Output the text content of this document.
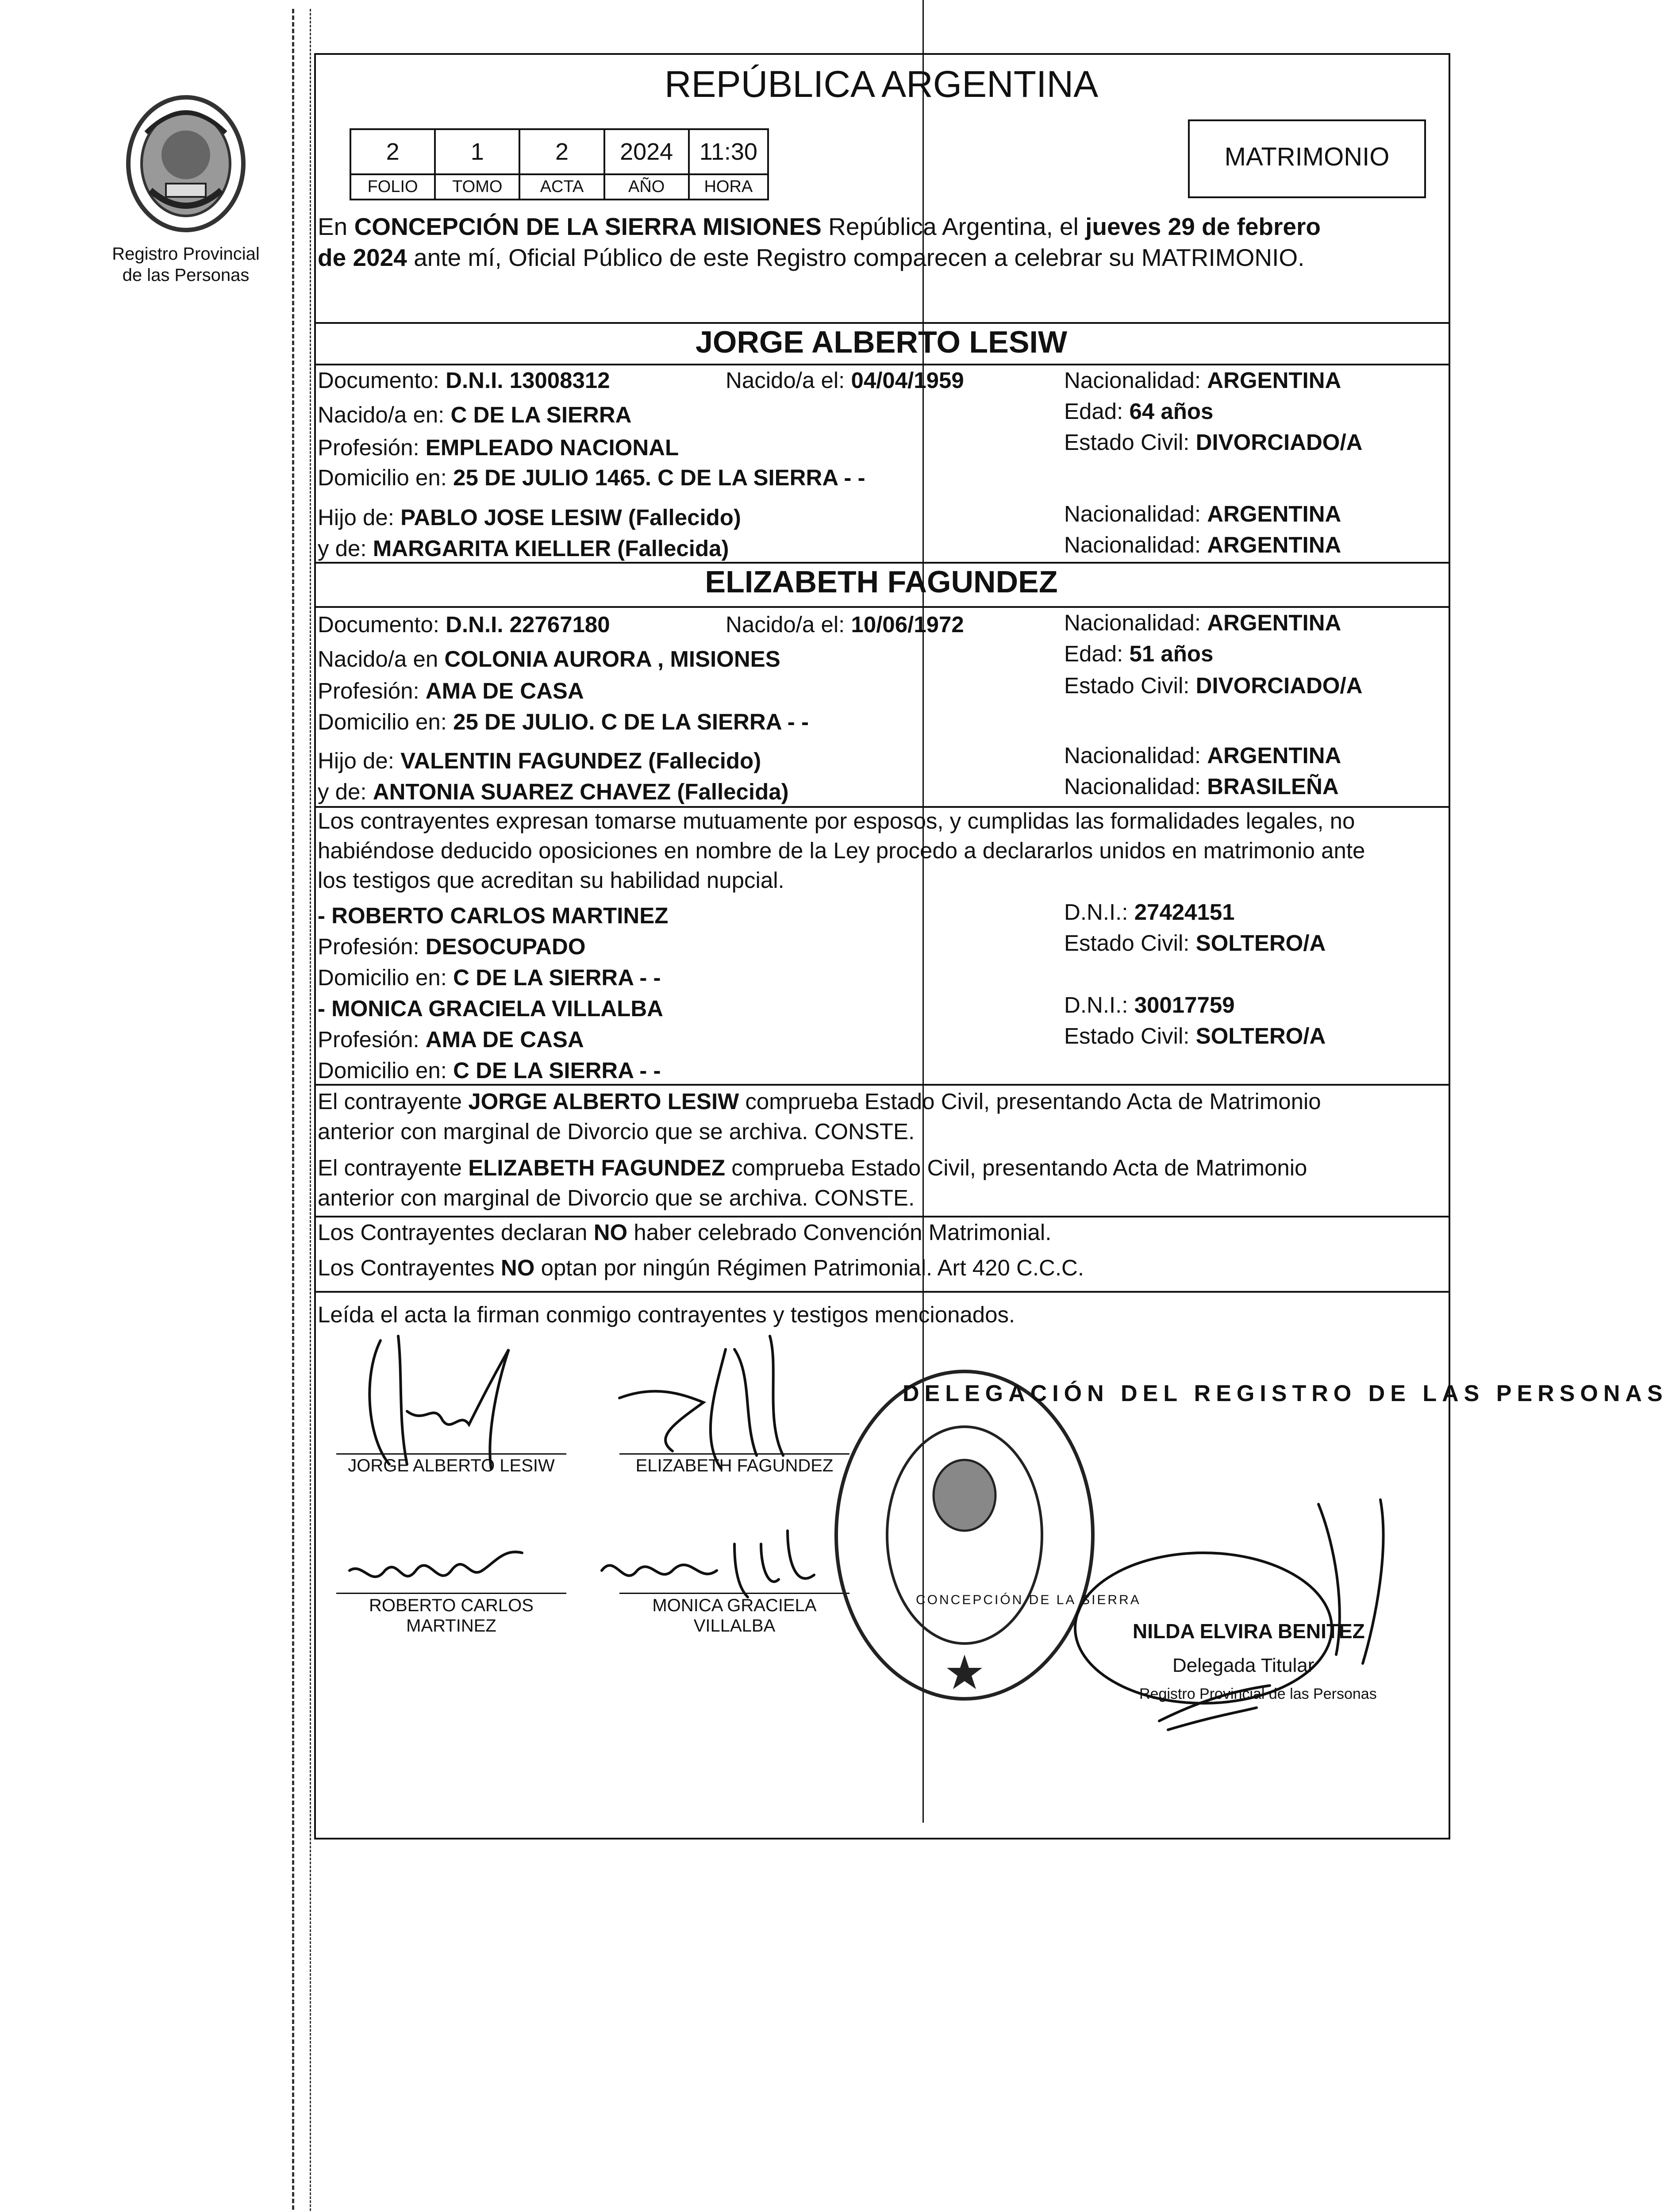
Registro Provincial
de las Personas
REPÚBLICA ARGENTINA
MATRIMONIO
2	1	2	2024	11:30
FOLIO	TOMO	ACTA	AÑO	HORA
En CONCEPCIÓN DE LA SIERRA MISIONES República Argentina, el jueves 29 de febrero
de 2024 ante mí, Oficial Público de este Registro comparecen a celebrar su MATRIMONIO.
JORGE ALBERTO LESIW
Documento: D.N.I. 13008312	Nacido/a el: 04/04/1959	Nacionalidad: ARGENTINA
Nacido/a en: C DE LA SIERRA	Edad: 64 años
Profesión: EMPLEADO NACIONAL	Estado Civil: DIVORCIADO/A
Domicilio en: 25 DE JULIO 1465. C DE LA SIERRA - -
Hijo de: PABLO JOSE LESIW (Fallecido)	Nacionalidad: ARGENTINA
y de: MARGARITA KIELLER (Fallecida)	Nacionalidad: ARGENTINA
ELIZABETH FAGUNDEZ
Documento: D.N.I. 22767180	Nacido/a el: 10/06/1972	Nacionalidad: ARGENTINA
Nacido/a en COLONIA AURORA , MISIONES	Edad: 51 años
Profesión: AMA DE CASA	Estado Civil: DIVORCIADO/A
Domicilio en: 25 DE JULIO. C DE LA SIERRA - -
Hijo de: VALENTIN FAGUNDEZ (Fallecido)	Nacionalidad: ARGENTINA
y de: ANTONIA SUAREZ CHAVEZ (Fallecida)	Nacionalidad: BRASILEÑA
Los contrayentes expresan tomarse mutuamente por esposos, y cumplidas las formalidades legales, no
habiéndose deducido oposiciones en nombre de la Ley procedo a declararlos unidos en matrimonio ante
los testigos que acreditan su habilidad nupcial.
- ROBERTO CARLOS MARTINEZ	D.N.I.: 27424151
Profesión: DESOCUPADO	Estado Civil: SOLTERO/A
Domicilio en: C DE LA SIERRA - -
- MONICA GRACIELA VILLALBA	D.N.I.: 30017759
Profesión: AMA DE CASA	Estado Civil: SOLTERO/A
Domicilio en: C DE LA SIERRA - -
El contrayente JORGE ALBERTO LESIW comprueba Estado Civil, presentando Acta de Matrimonio
anterior con marginal de Divorcio que se archiva. CONSTE.
El contrayente ELIZABETH FAGUNDEZ comprueba Estado Civil, presentando Acta de Matrimonio
anterior con marginal de Divorcio que se archiva. CONSTE.
Los Contrayentes declaran NO haber celebrado Convención Matrimonial.
Los Contrayentes NO optan por ningún Régimen Patrimonial. Art 420 C.C.C.
Leída el acta la firman conmigo contrayentes y testigos mencionados.
JORGE ALBERTO LESIW	ELIZABETH FAGUNDEZ
ROBERTO CARLOS
MARTINEZ
MONICA GRACIELA
VILLALBA
DELEGACIÓN DEL REGISTRO DE LAS PERSONAS
CONCEPCIÓN DE LA SIERRA
NILDA ELVIRA BENITEZ
Delegada Titular
Registro Provincial de las Personas
